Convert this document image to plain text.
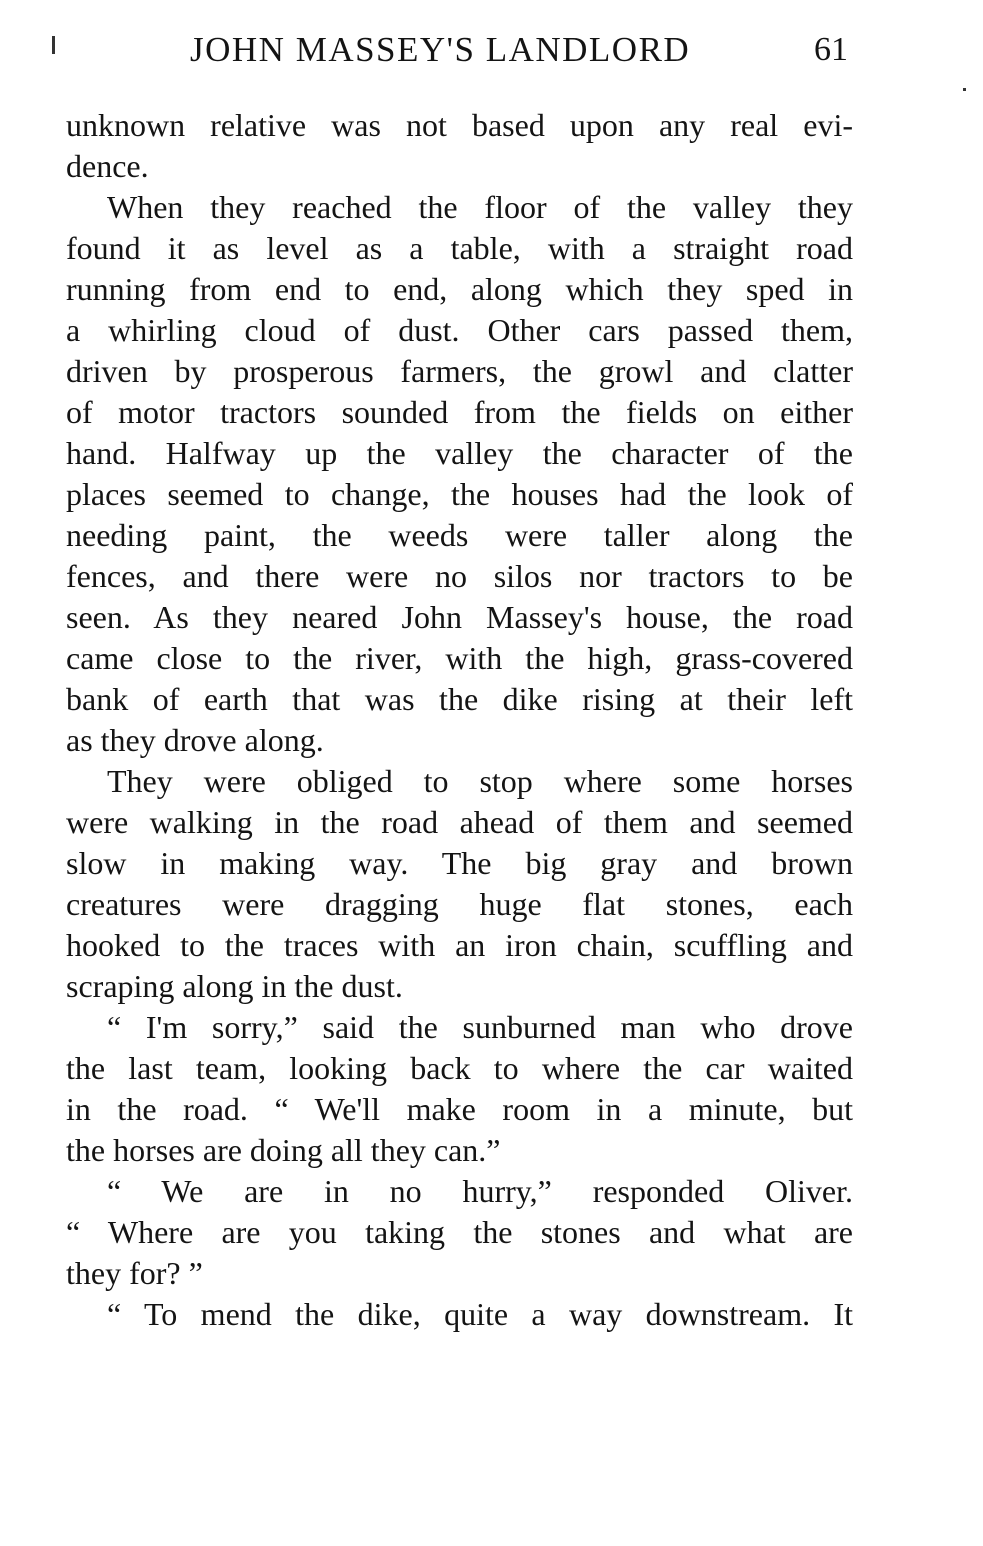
JOHN MASSEY'S LANDLORD	61
unknown relative was not based upon any real evi-
dence.
When they reached the floor of the valley they
found it as level as a table, with a straight road
running from end to end, along which they sped in
a whirling cloud of dust. Other cars passed them,
driven by prosperous farmers, the growl and clatter
of motor tractors sounded from the fields on either
hand. Halfway up the valley the character of the
places seemed to change, the houses had the look of
needing paint, the weeds were taller along the
fences, and there were no silos nor tractors to be
seen. As they neared John Massey's house, the road
came close to the river, with the high, grass-covered
bank of earth that was the dike rising at their left
as they drove along.
They were obliged to stop where some horses
were walking in the road ahead of them and seemed
slow in making way. The big gray and brown
creatures were dragging huge flat stones, each
hooked to the traces with an iron chain, scuffling and
scraping along in the dust.
“ I'm sorry,” said the sunburned man who drove
the last team, looking back to where the car waited
in the road. “ We'll make room in a minute, but
the horses are doing all they can.”
“ We are in no hurry,” responded Oliver.
“ Where are you taking the stones and what are
they for? ”
“ To mend the dike, quite a way downstream. It
